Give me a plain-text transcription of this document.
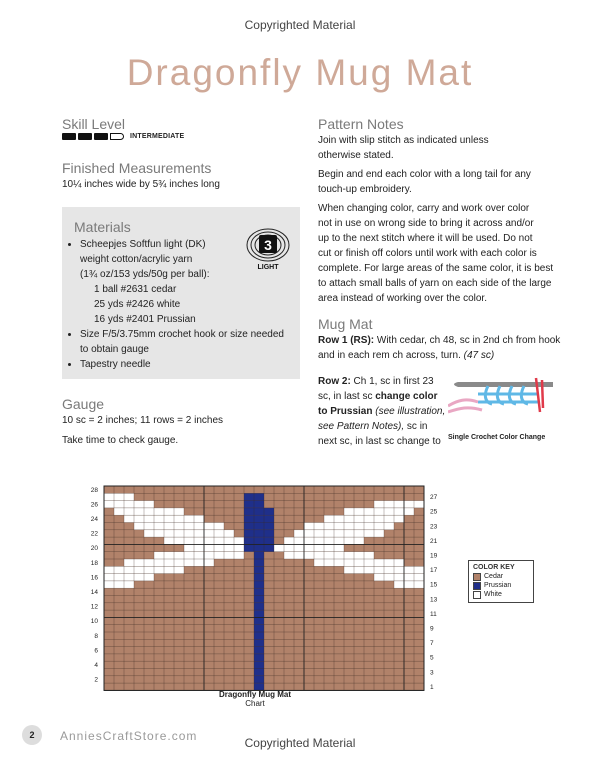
Copyrighted Material
Dragonfly Mug Mat
Skill Level
INTERMEDIATE
Finished Measurements
10¼ inches wide by 5¾ inches long
Materials
• Scheepjes Softfun light (DK)
weight cotton/acrylic yarn
(1¾ oz/153 yds/50g per ball):
1 ball #2631 cedar
25 yds #2426 white
16 yds #2401 Prussian
• Size F/5/3.75mm crochet hook or size needed
to obtain gauge
• Tapestry needle
3
LIGHT
Gauge
10 sc = 2 inches; 11 rows = 2 inches
Take time to check gauge.
Pattern Notes
Join with slip stitch as indicated unless
otherwise stated.
Begin and end each color with a long tail for any
touch-up embroidery.
When changing color, carry and work over color
not in use on wrong side to bring it across and/or
up to the next stitch where it will be used. Do not
cut or finish off colors until work with each color is
complete. For large areas of the same color, it is best
to attach small balls of yarn on each side of the large
area instead of working over the color.
Mug Mat
Row 1 (RS): With cedar, ch 48, sc in 2nd ch from hook
and in each rem ch across, turn. (47 sc)
Row 2: Ch 1, sc in first 23
sc, in last sc change color
to Prussian (see illustration,
see Pattern Notes), sc in
next sc, in last sc change to	Single Crochet Color Change
28
26
24
22
20
18
16
14
12
10
8
6
4
2
27
25
23
21
19
17
15
13
11
9
7
5
3
1
Dragonfly Mug Mat
Chart
COLOR KEY
Cedar
Prussian
White
2	AnniesCraftStore.com	Copyrighted Material
